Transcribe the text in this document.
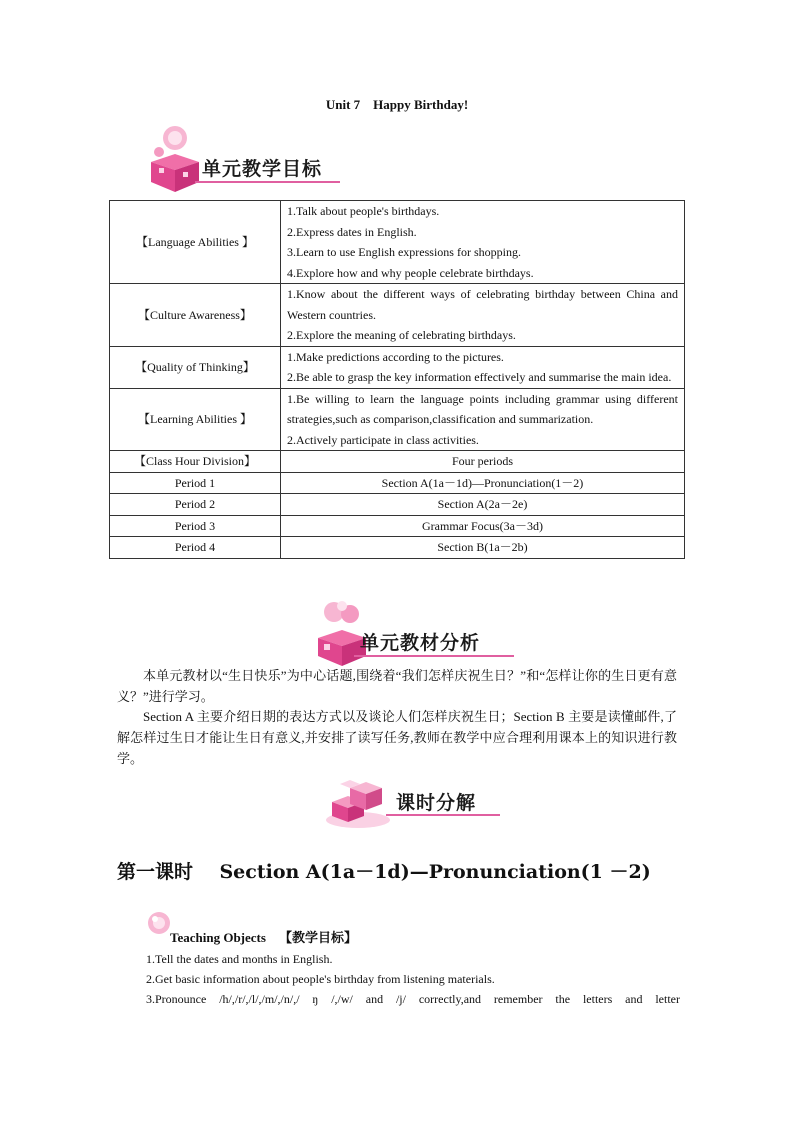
Unit 7    Happy Birthday!
单元教学目标
【Language Abilities 】	1.Talk about people's birthdays.
2.Express dates in English.
3.Learn to use English expressions for shopping.
4.Explore how and why people celebrate birthdays.

【Culture Awareness】	1.Know about the different ways of celebrating birthday between China and Western countries.
2.Explore the meaning of celebrating birthdays.

【Quality of Thinking】	1.Make predictions according to the pictures.
2.Be able to grasp the key information effectively and summarise the main idea.

【Learning Abilities 】	1.Be willing to learn the language points including grammar using different strategies,such as comparison,classification and summarization.
2.Actively participate in class activities.

【Class Hour Division】	Four periods
Period 1	Section A(1a－1d)—Pronunciation(1－2)
Period 2	Section A(2a－2e)
Period 3	Grammar Focus(3a－3d)
Period 4	Section B(1a－2b)
单元教材分析
本单元教材以“生日快乐”为中心话题,围绕着“我们怎样庆祝生日？”和“怎样让你的生日更有意义？”进行学习。
Section A 主要介绍日期的表达方式以及谈论人们怎样庆祝生日；Section B 主要是读懂邮件,了解怎样过生日才能让生日有意义,并安排了读写任务,教师在教学中应合理利用课本上的知识进行教学。
课时分解
第一课时    Section A(1a－1d)—Pronunciation(1 －2)
Teaching Objects    【教学目标】
1.Tell the dates and months in English.
2.Get basic information about people's birthday from listening materials.
3.Pronounce /h/,/r/,/l/,/m/,/n/,/ ŋ /,/w/ and /j/ correctly,and remember the letters and letter
